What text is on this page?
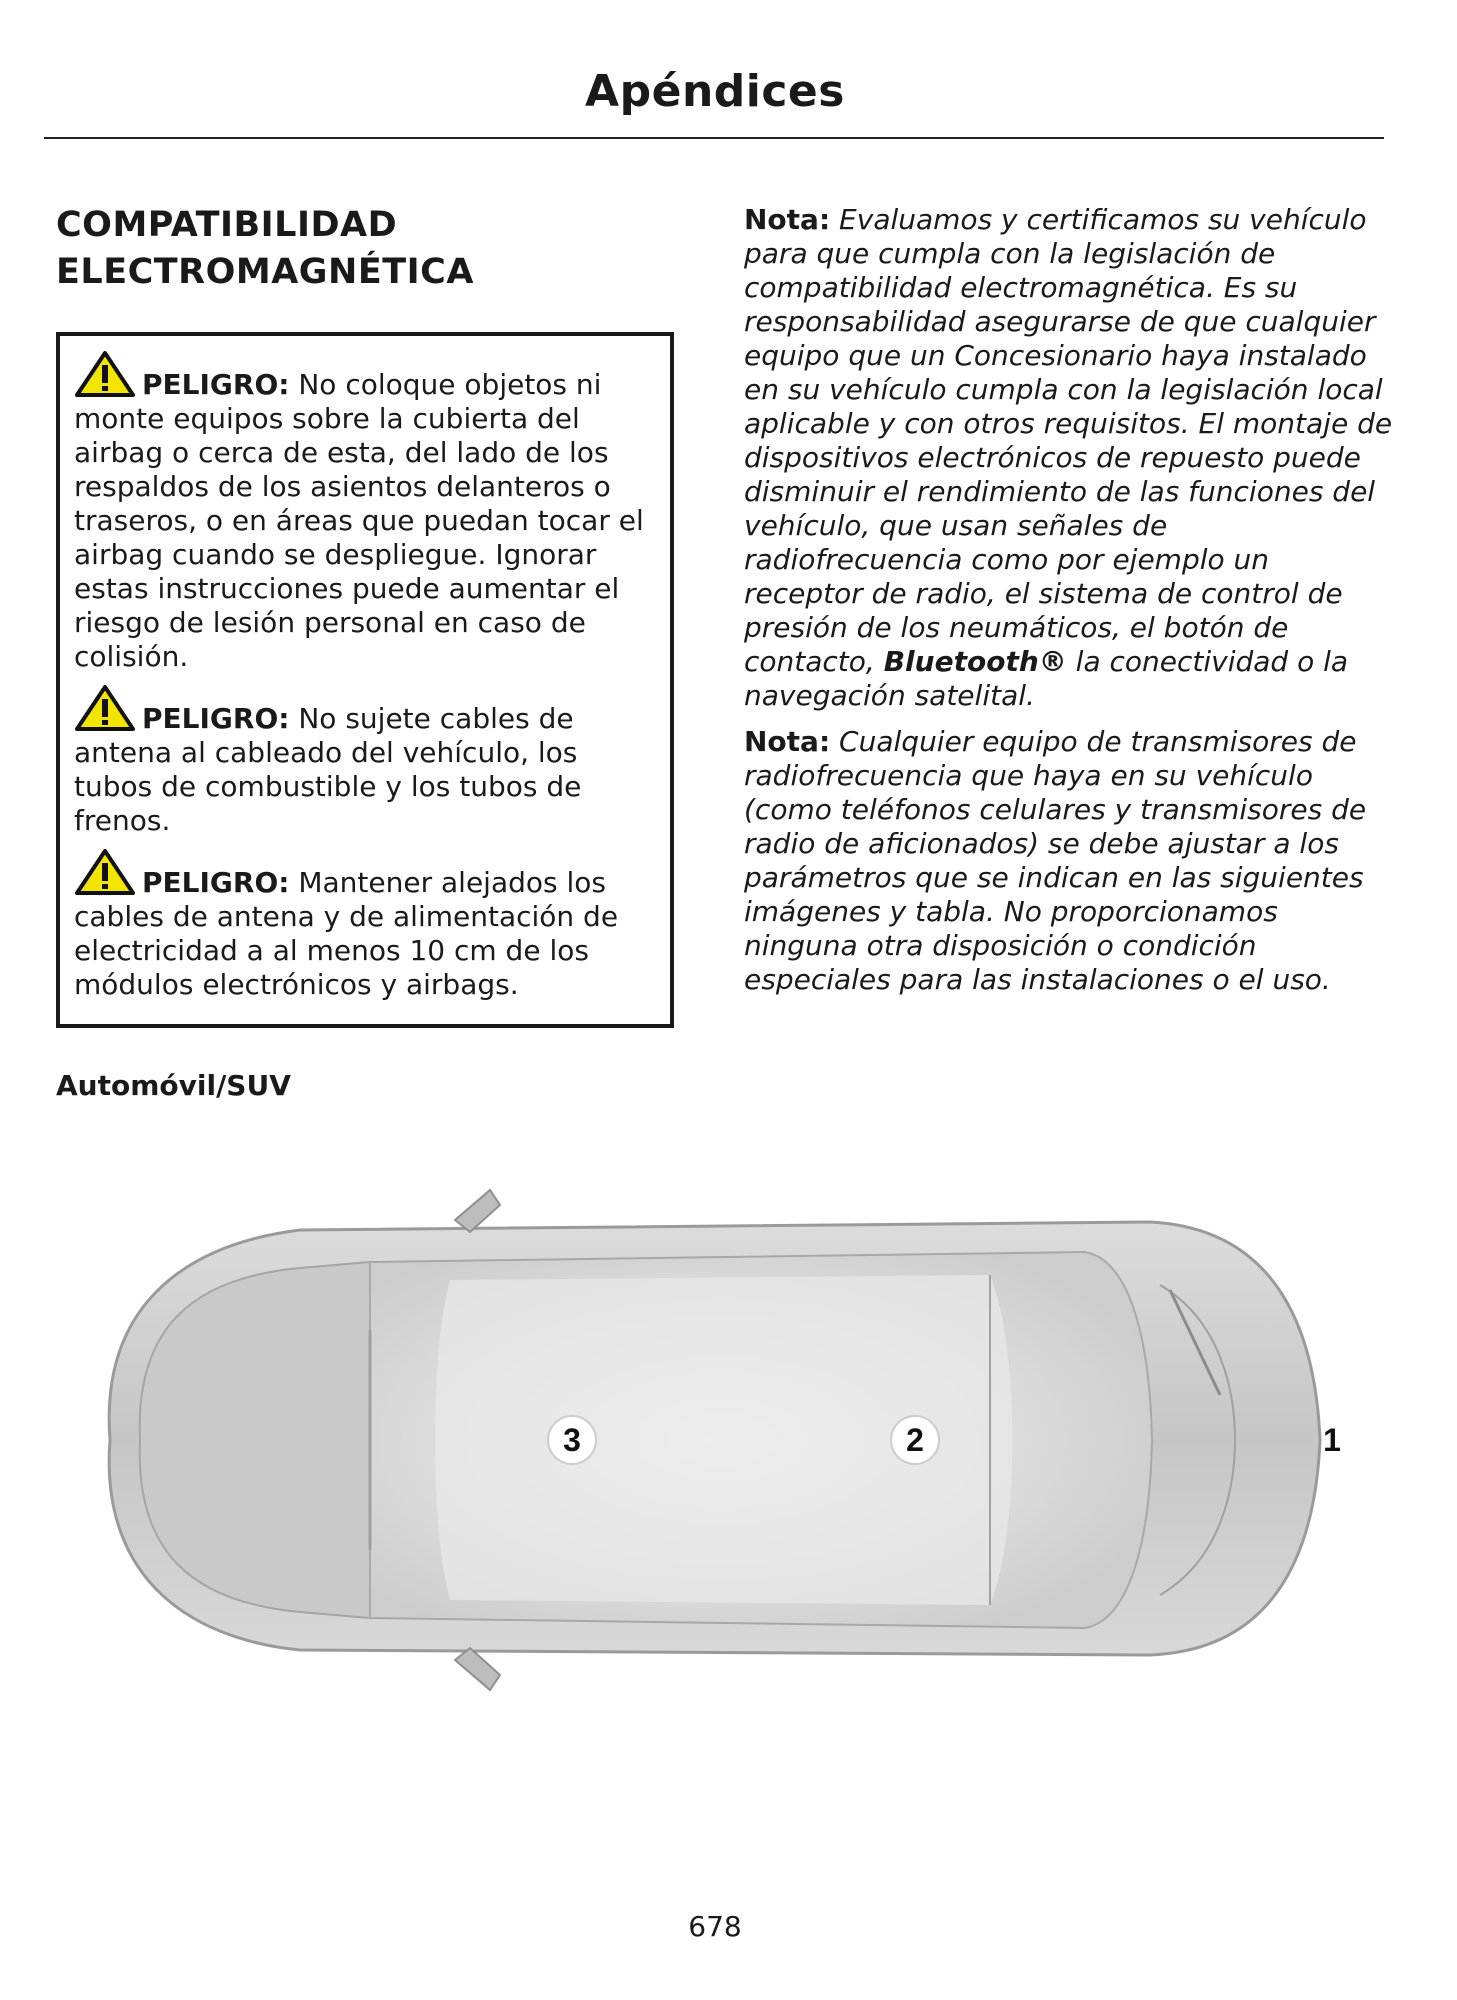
Apéndices
COMPATIBILIDAD
ELECTROMAGNÉTICA

PELIGRO: No coloque objetos ni monte equipos sobre la cubierta del airbag o cerca de esta, del lado de los respaldos de los asientos delanteros o traseros, o en áreas que puedan tocar el airbag cuando se despliegue. Ignorar estas instrucciones puede aumentar el riesgo de lesión personal en caso de colisión.

PELIGRO: No sujete cables de antena al cableado del vehículo, los tubos de combustible y los tubos de frenos.

PELIGRO: Mantener alejados los cables de antena y de alimentación de electricidad a al menos 10 cm de los módulos electrónicos y airbags.

Nota: Evaluamos y certificamos su vehículo para que cumpla con la legislación de compatibilidad electromagnética. Es su responsabilidad asegurarse de que cualquier equipo que un Concesionario haya instalado en su vehículo cumpla con la legislación local aplicable y con otros requisitos. El montaje de dispositivos electrónicos de repuesto puede disminuir el rendimiento de las funciones del vehículo, que usan señales de radiofrecuencia como por ejemplo un receptor de radio, el sistema de control de presión de los neumáticos, el botón de contacto, Bluetooth® la conectividad o la navegación satelital.

Nota: Cualquier equipo de transmisores de radiofrecuencia que haya en su vehículo (como teléfonos celulares y transmisores de radio de aficionados) se debe ajustar a los parámetros que se indican en las siguientes imágenes y tabla. No proporcionamos ninguna otra disposición o condición especiales para las instalaciones o el uso.

Automóvil/SUV
3	2	1
678
